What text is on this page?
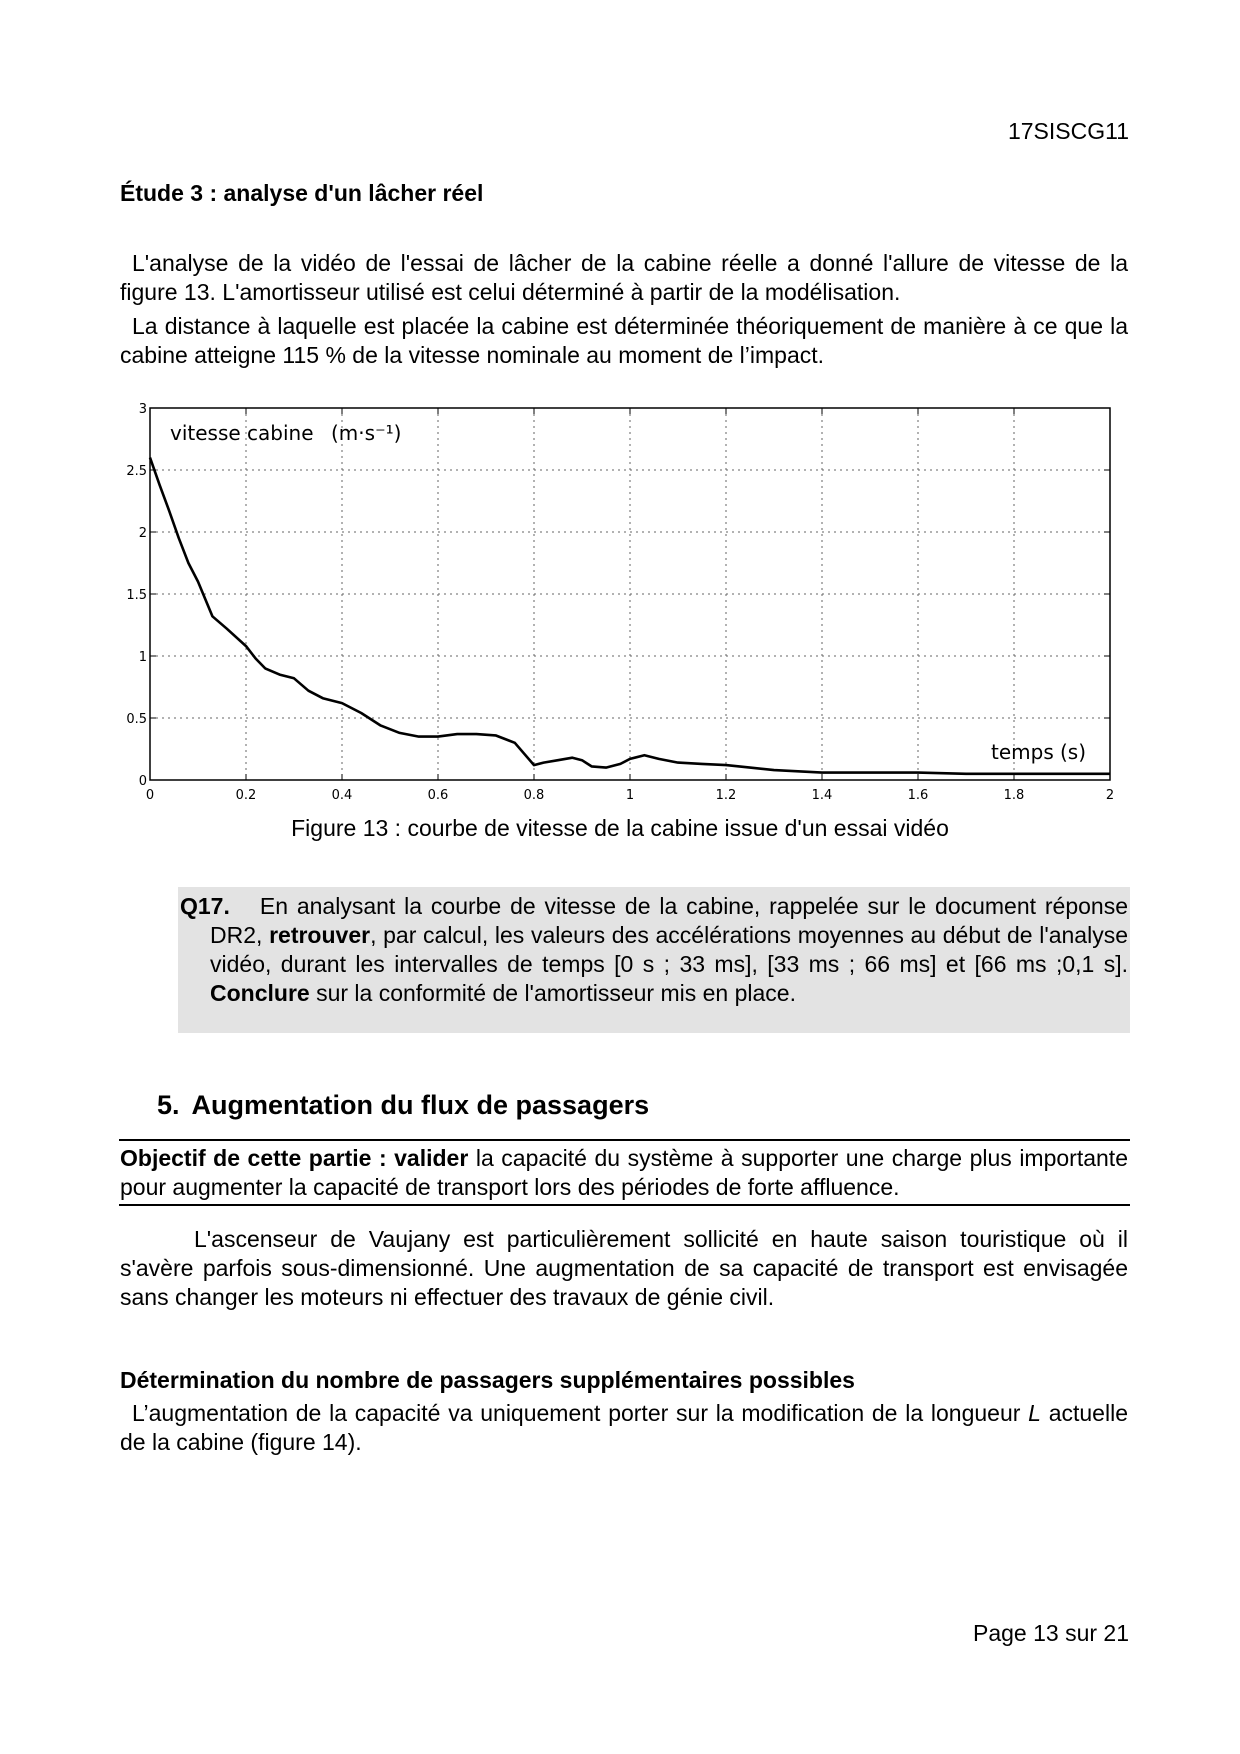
17SISCG11
Étude 3 : analyse d'un lâcher réel
L'analyse de la vidéo de l'essai de lâcher de la cabine réelle a donné l'allure de vitesse de la figure 13. L'amortisseur utilisé est celui déterminé à partir de la modélisation.
La distance à laquelle est placée la cabine est déterminée théoriquement de manière à ce que la cabine atteigne 115 % de la vitesse nominale au moment de l’impact.
0	0.2	0.4	0.6	0.8	1	1.2	1.4	1.6	1.8	2
0
0.5
1
1.5
2
2.5
3
vitesse cabine (m·s⁻¹)
temps (s)
Figure 13 : courbe de vitesse de la cabine issue d'un essai vidéo
Q17. En analysant la courbe de vitesse de la cabine, rappelée sur le document réponse DR2, retrouver, par calcul, les valeurs des accélérations moyennes au début de l'analyse vidéo, durant les intervalles de temps [0 s ; 33 ms], [33 ms ; 66 ms] et [66 ms ;0,1 s]. Conclure sur la conformité de l'amortisseur mis en place.
5. Augmentation du flux de passagers
Objectif de cette partie : valider la capacité du système à supporter une charge plus importante pour augmenter la capacité de transport lors des périodes de forte affluence.
L'ascenseur de Vaujany est particulièrement sollicité en haute saison touristique où il s'avère parfois sous-dimensionné. Une augmentation de sa capacité de transport est envisagée sans changer les moteurs ni effectuer des travaux de génie civil.
Détermination du nombre de passagers supplémentaires possibles
L’augmentation de la capacité va uniquement porter sur la modification de la longueur L actuelle de la cabine (figure 14).
Page 13 sur 21
